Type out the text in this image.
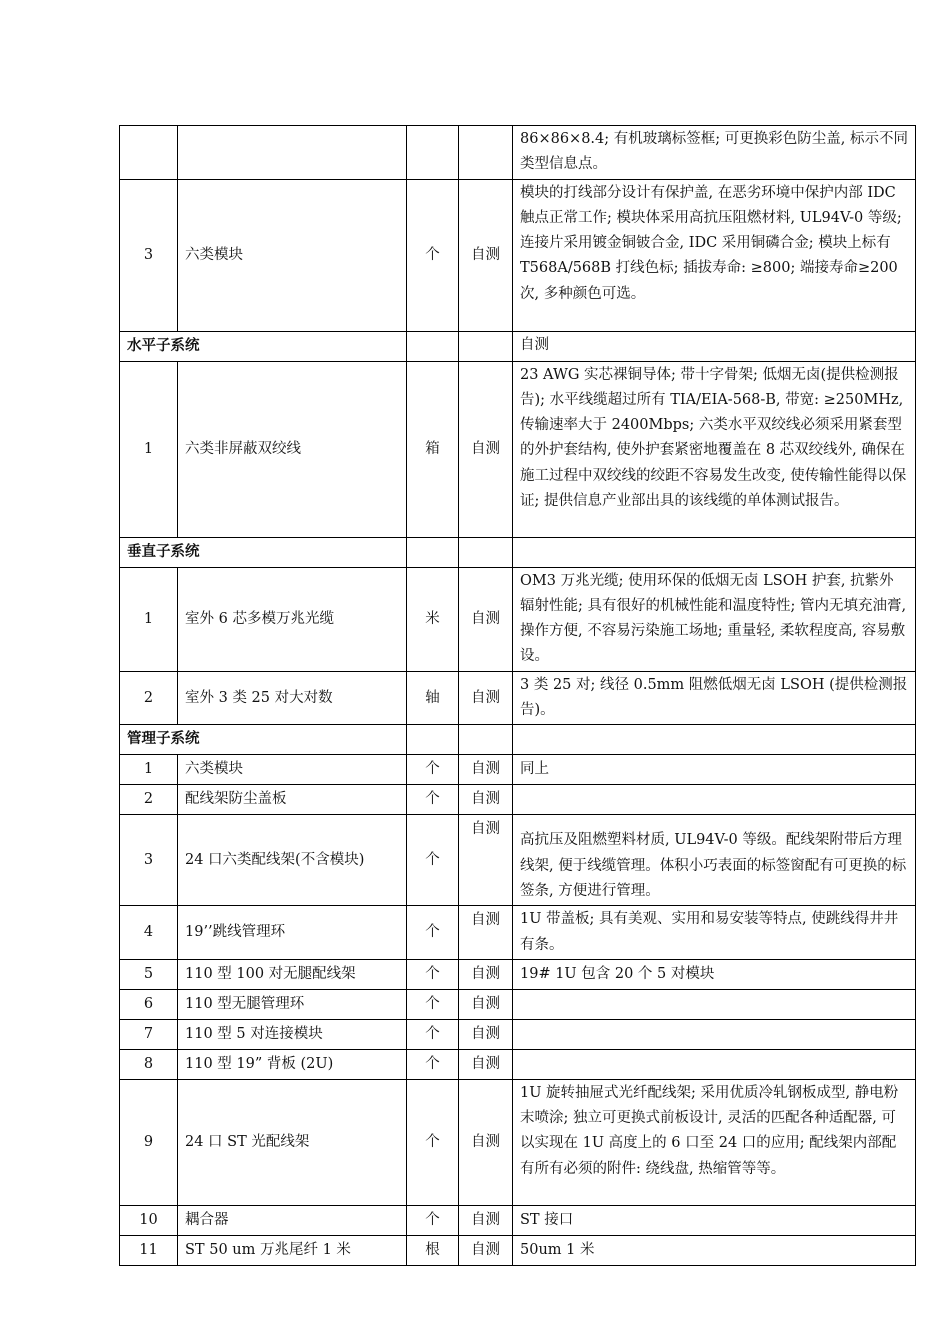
				86×86×8.4; 有机玻璃标签框; 可更换彩色防尘盖, 标示不同类型信息点。
3	六类模块	个	自测	模块的打线部分设计有保护盖, 在恶劣环境中保护内部 IDC 触点正常工作; 模块体采用高抗压阻燃材料, UL94V-0 等级; 连接片采用镀金铜铍合金, IDC 采用铜磷合金; 模块上标有 T568A/568B 打线色标; 插拔寿命: ≥800; 端接寿命≥200 次, 多种颜色可选。
水平子系统				自测
1	六类非屏蔽双绞线	箱	自测	23 AWG 实芯裸铜导体; 带十字骨架; 低烟无卤(提供检测报告); 水平线缆超过所有 TIA/EIA-568-B, 带宽: ≥250MHz, 传输速率大于 2400Mbps; 六类水平双绞线必须采用紧套型的外护套结构, 使外护套紧密地覆盖在 8 芯双绞线外, 确保在施工过程中双绞线的绞距不容易发生改变, 使传输性能得以保证; 提供信息产业部出具的该线缆的单体测试报告。
垂直子系统				
1	室外 6 芯多模万兆光缆	米	自测	OM3 万兆光缆; 使用环保的低烟无卤 LSOH 护套, 抗紫外辐射性能; 具有很好的机械性能和温度特性; 管内无填充油膏, 操作方便, 不容易污染施工场地; 重量轻, 柔软程度高, 容易敷设。
2	室外 3 类 25 对大对数	轴	自测	3 类 25 对; 线径 0.5mm 阻燃低烟无卤 LSOH (提供检测报告)。
管理子系统				
1	六类模块	个	自测	同上
2	配线架防尘盖板	个	自测	
3	24 口六类配线架(不含模块)	个	自测	高抗压及阻燃塑料材质, UL94V-0 等级。配线架附带后方理线架, 便于线缆管理。体积小巧表面的标签窗配有可更换的标签条, 方便进行管理。
4	19’’跳线管理环	个	自测	1U 带盖板; 具有美观、实用和易安装等特点, 使跳线得井井有条。
5	110 型 100 对无腿配线架	个	自测	19# 1U 包含 20 个 5 对模块
6	110 型无腿管理环	个	自测	
7	110 型 5 对连接模块	个	自测	
8	110 型 19” 背板 (2U)	个	自测	
9	24 口 ST 光配线架	个	自测	1U 旋转抽屉式光纤配线架; 采用优质冷轧钢板成型, 静电粉末喷涂; 独立可更换式前板设计, 灵活的匹配各种适配器, 可以实现在 1U 高度上的 6 口至 24 口的应用; 配线架内部配有所有必须的附件: 绕线盘, 热缩管等等。
10	耦合器	个	自测	ST 接口
11	ST 50 um 万兆尾纤 1 米	根	自测	50um 1 米
